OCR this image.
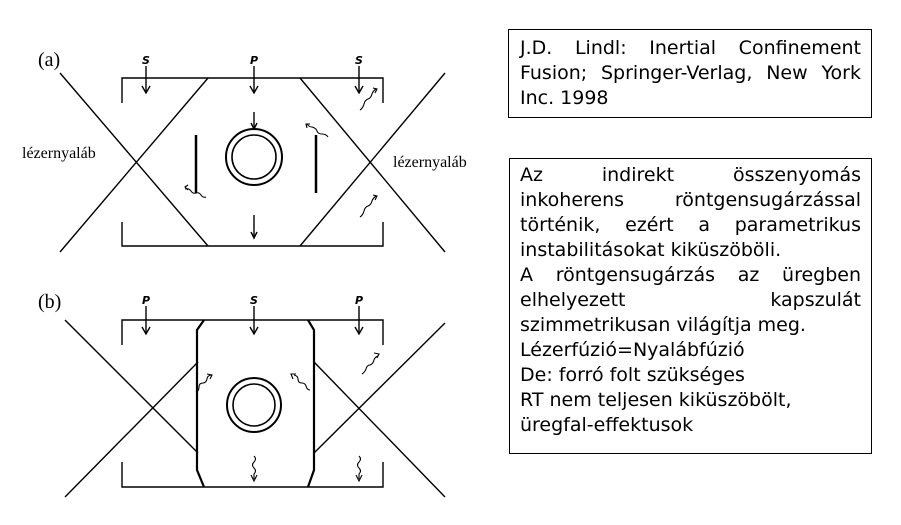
(a)	S	P	S
lézernyaláb
lézernyaláb
(b)	P	S	P
J.D. Lindl: Inertial Confinement Fusion; Springer-Verlag, New York Inc. 1998

Az indirekt összenyomás

inkoherens röntgensugárzással

történik, ezért a parametrikus

instabilitásokat kiküszöböli.

A röntgensugárzás az üregben

elhelyezett kapszulát

szimmetrikusan világítja meg.

Lézerfúzió=Nyalábfúzió

De: forró folt szükséges

RT nem teljesen kiküszöbölt,

üregfal-effektusok
